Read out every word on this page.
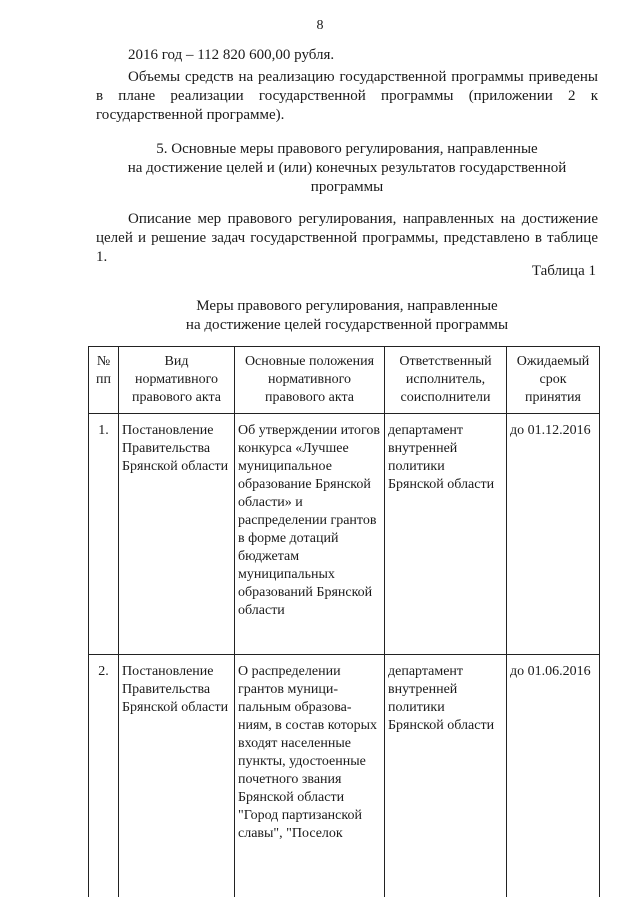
8

2016 год – 112 820 600,00 рубля.

Объемы средств на реализацию государственной программы приведены в плане реализации государственной программы (приложении 2 к государственной программе).

5. Основные меры правового регулирования, направленные
на достижение целей и (или) конечных результатов государственной
программы

Описание мер правового регулирования, направленных на достижение целей и решение задач государственной программы, представлено в таблице 1.

Таблица 1
Меры правового регулирования, направленные
на достижение целей государственной программы
№ пп	Вид нормативного правового акта	Основные положения нормативного правового акта	Ответственный исполнитель, соисполнители	Ожидаемый срок принятия
1.	Постановление Правительства Брянской области	Об утверждении итогов конкурса «Лучшее муниципальное образование Брянской области» и распределении грантов в форме дотаций бюджетам муниципальных образований Брянской области	департамент внутренней политики Брянской области	до 01.12.2016
2.	Постановление Правительства Брянской области	О распределении грантов муници-пальным образова-ниям, в состав которых входят населенные пункты, удостоенные почетного звания Брянской области "Город партизанской славы", "Поселок	департамент внутренней политики Брянской области	до 01.06.2016
